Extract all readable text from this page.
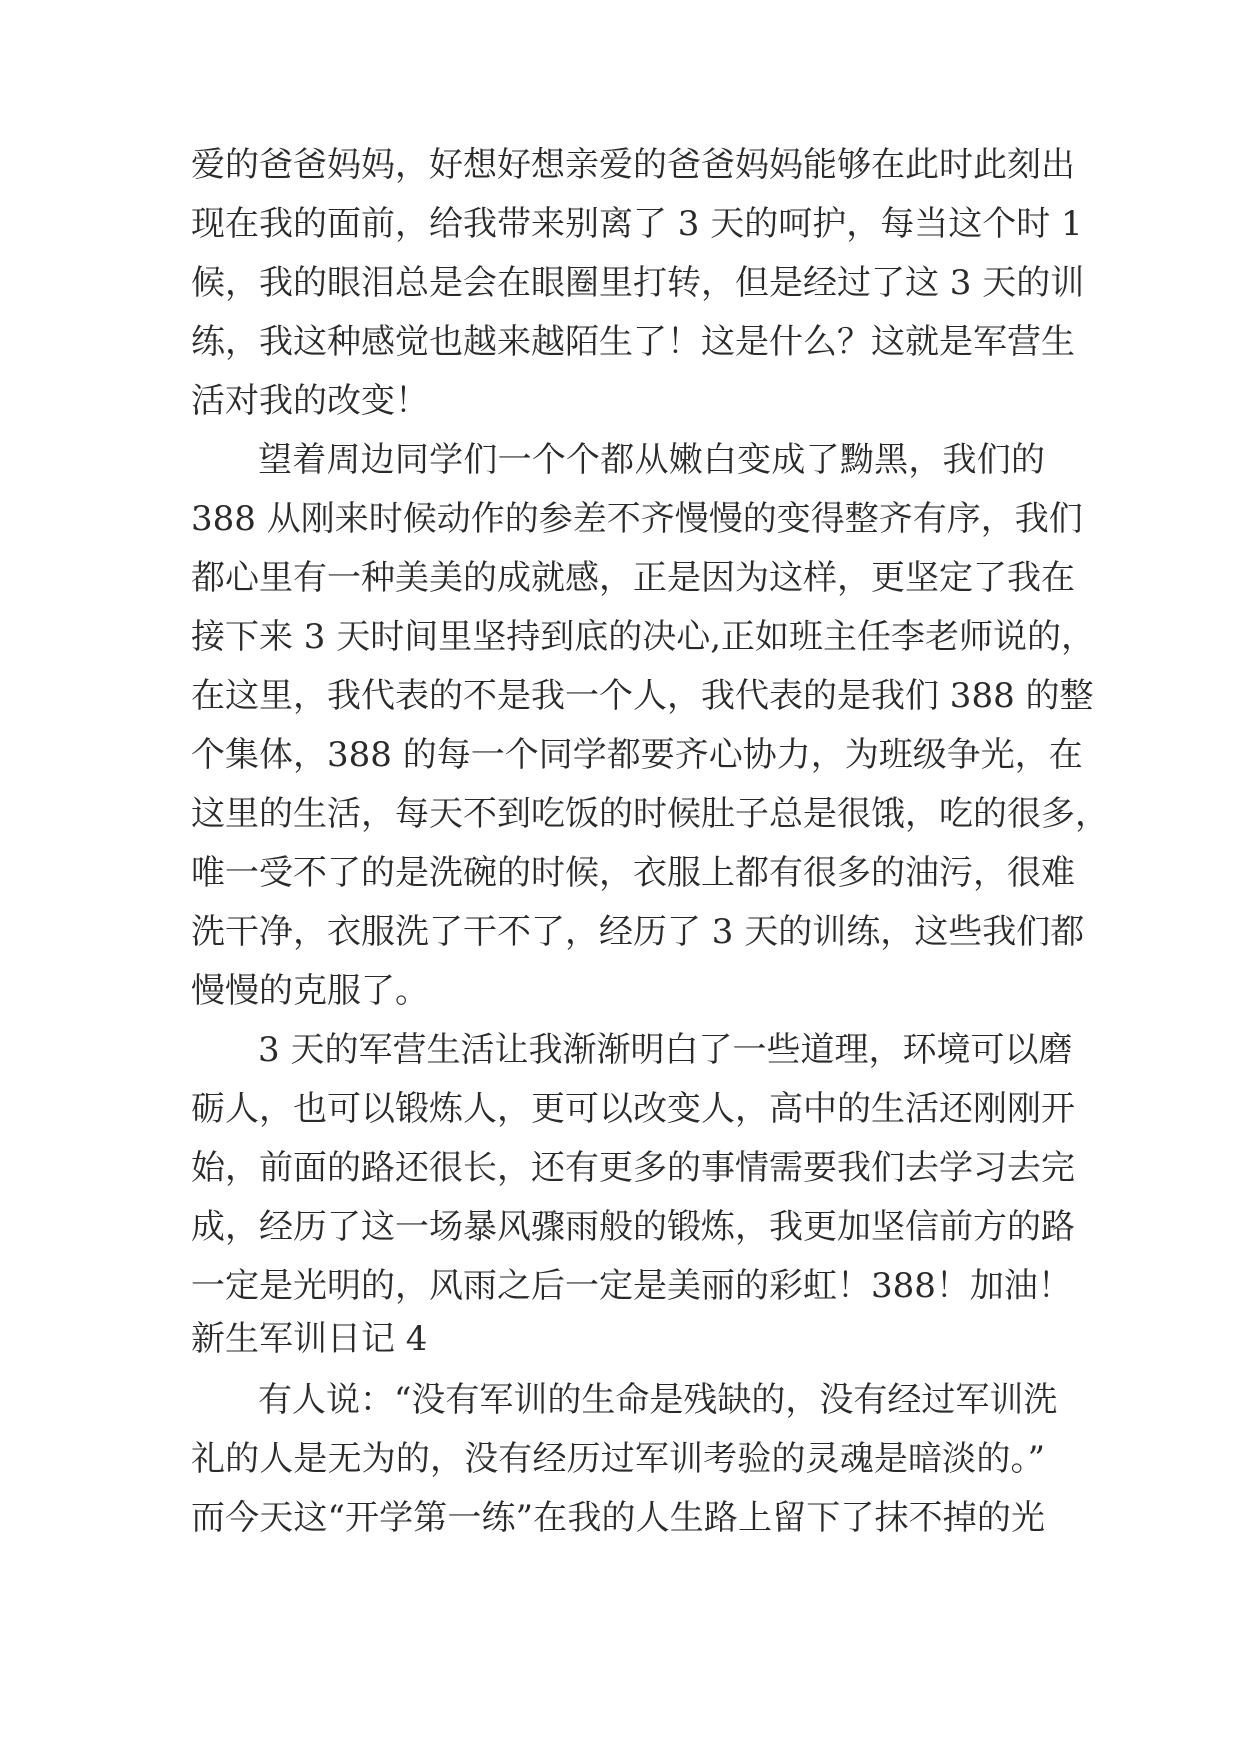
爱的爸爸妈妈，好想好想亲爱的爸爸妈妈能够在此时此刻出
现在我的面前，给我带来别离了 3 天的呵护，每当这个时 1
候，我的眼泪总是会在眼圈里打转，但是经过了这 3 天的训
练，我这种感觉也越来越陌生了！这是什么？这就是军营生
活对我的改变！
望着周边同学们一个个都从嫩白变成了黝黑，我们的
388 从刚来时候动作的参差不齐慢慢的变得整齐有序，我们
都心里有一种美美的成就感，正是因为这样，更坚定了我在
接下来 3 天时间里坚持到底的决心,正如班主任李老师说的，
在这里，我代表的不是我一个人，我代表的是我们 388 的整
个集体，388 的每一个同学都要齐心协力，为班级争光，在
这里的生活，每天不到吃饭的时候肚子总是很饿，吃的很多，
唯一受不了的是洗碗的时候，衣服上都有很多的油污，很难
洗干净，衣服洗了干不了，经历了 3 天的训练，这些我们都
慢慢的克服了。
3 天的军营生活让我渐渐明白了一些道理，环境可以磨
砺人，也可以锻炼人，更可以改变人，高中的生活还刚刚开
始，前面的路还很长，还有更多的事情需要我们去学习去完
成，经历了这一场暴风骤雨般的锻炼，我更加坚信前方的路
一定是光明的，风雨之后一定是美丽的彩虹！388！加油！
新生军训日记 4
有人说：“没有军训的生命是残缺的，没有经过军训洗
礼的人是无为的，没有经历过军训考验的灵魂是暗淡的。”
而今天这“开学第一练”在我的人生路上留下了抹不掉的光
